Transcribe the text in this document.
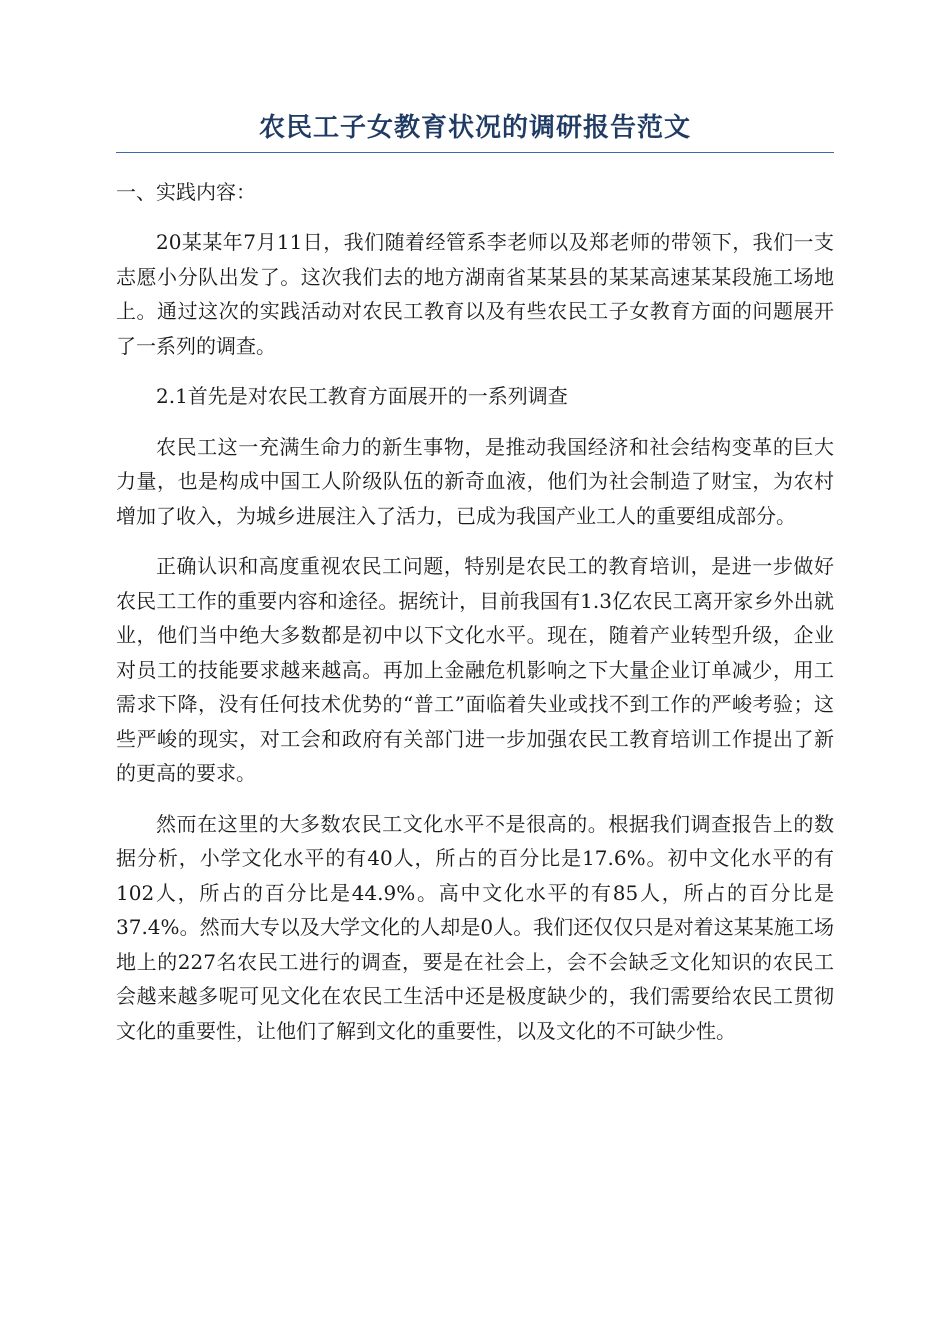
农民工子女教育状况的调研报告范文

一、实践内容：

20某某年7月11日，我们随着经管系李老师以及郑老师的带领下，我们一支志愿小分队出发了。这次我们去的地方湖南省某某县的某某高速某某段施工场地上。通过这次的实践活动对农民工教育以及有些农民工子女教育方面的问题展开了一系列的调查。

2.1首先是对农民工教育方面展开的一系列调查

农民工这一充满生命力的新生事物，是推动我国经济和社会结构变革的巨大力量，也是构成中国工人阶级队伍的新奇血液，他们为社会制造了财宝，为农村增加了收入，为城乡进展注入了活力，已成为我国产业工人的重要组成部分。

正确认识和高度重视农民工问题，特别是农民工的教育培训，是进一步做好农民工工作的重要内容和途径。据统计，目前我国有1.3亿农民工离开家乡外出就业，他们当中绝大多数都是初中以下文化水平。现在，随着产业转型升级，企业对员工的技能要求越来越高。再加上金融危机影响之下大量企业订单减少，用工需求下降，没有任何技术优势的“普工”面临着失业或找不到工作的严峻考验；这些严峻的现实，对工会和政府有关部门进一步加强农民工教育培训工作提出了新的更高的要求。

然而在这里的大多数农民工文化水平不是很高的。根据我们调查报告上的数据分析，小学文化水平的有40人，所占的百分比是17.6%。初中文化水平的有102人，所占的百分比是44.9%。高中文化水平的有85人，所占的百分比是37.4%。然而大专以及大学文化的人却是0人。我们还仅仅只是对着这某某施工场地上的227名农民工进行的调查，要是在社会上，会不会缺乏文化知识的农民工会越来越多呢可见文化在农民工生活中还是极度缺少的，我们需要给农民工贯彻文化的重要性，让他们了解到文化的重要性，以及文化的不可缺少性。
